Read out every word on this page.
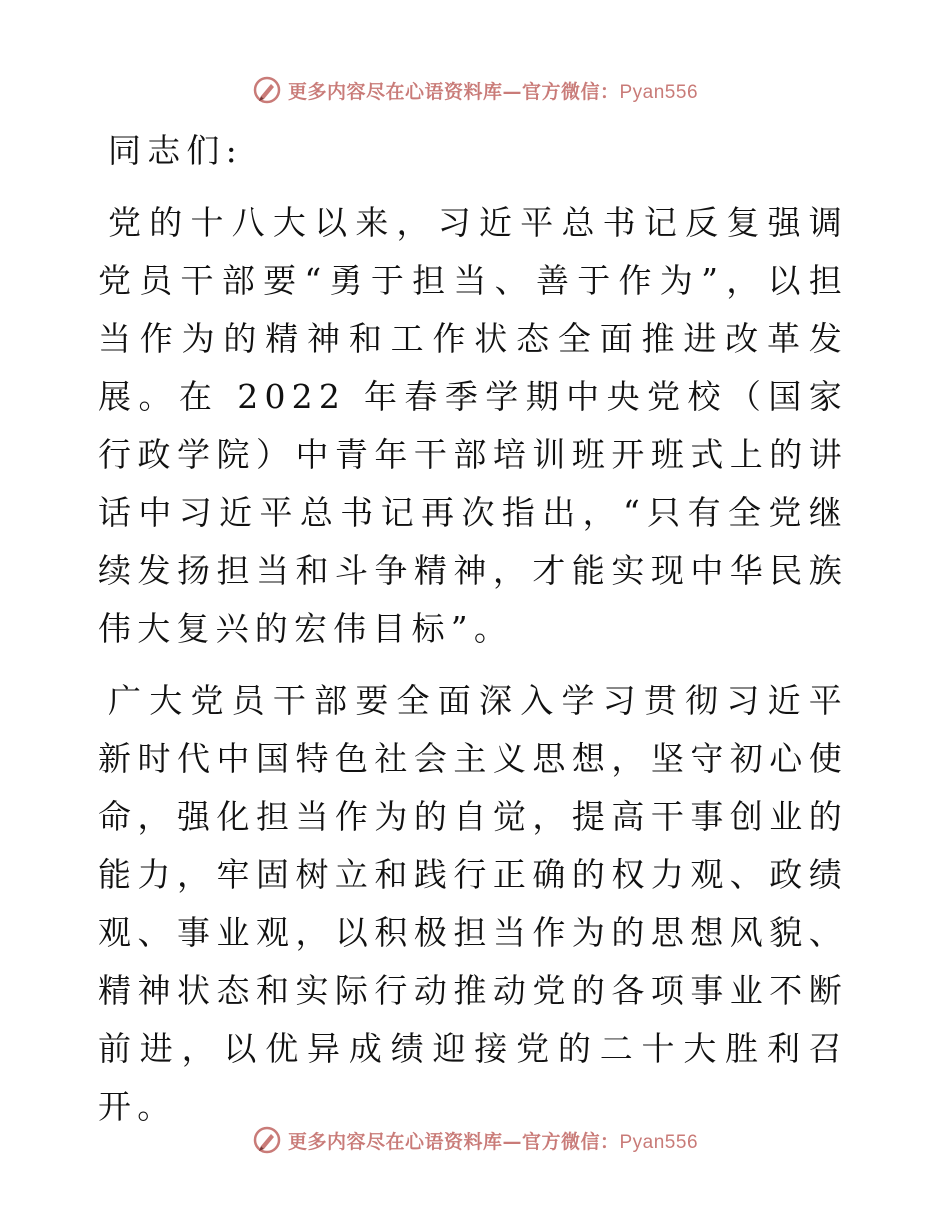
更多内容尽在心语资料库—官方微信：Pyan556

同志们:

党的十八大以来，习近平总书记反复强调党员干部要“勇于担当、善于作为”，以担当作为的精神和工作状态全面推进改革发展。在 2022 年春季学期中央党校（国家行政学院）中青年干部培训班开班式上的讲话中习近平总书记再次指出，“只有全党继续发扬担当和斗争精神，才能实现中华民族伟大复兴的宏伟目标”。

广大党员干部要全面深入学习贯彻习近平新时代中国特色社会主义思想，坚守初心使命，强化担当作为的自觉，提高干事创业的能力，牢固树立和践行正确的权力观、政绩观、事业观，以积极担当作为的思想风貌、精神状态和实际行动推动党的各项事业不断前进，以优异成绩迎接党的二十大胜利召开。

更多内容尽在心语资料库—官方微信：Pyan556
